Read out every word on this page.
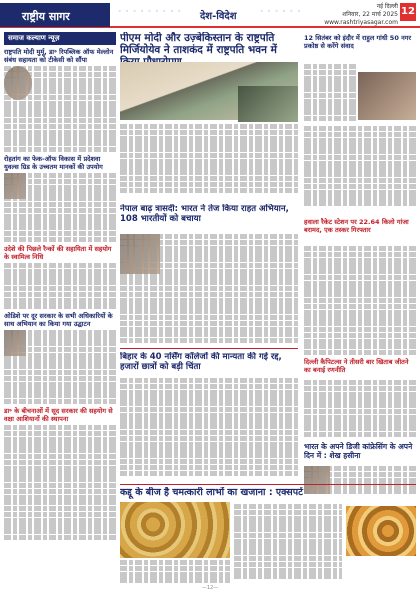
राष्ट्रीय सागर	◦ ◦ ◦ ◦ ◦ ◦ ◦ ◦ ◦ देश-विदेश	◦ ◦ ◦ ◦ ◦ ◦
नई दिल्ली
शनिवार, 22 मार्च 2025
www.rashtriyasagar.com
12
समाज कल्याण न्यूज़
राष्ट्रपति मोदी मुर्मू, डा॰ रिपब्लिक ऑफ मेल्लोन संबंध सहायता को टीकेसी को सौंपा
रोहतांग का फेक-ऑफ विकास में प्रदेशवा युवल्स ग्रिड के उच्चतम मानकों की उपयोग
उदेशे की पिछले रैन्कों की सहायिता में सहयोग के स्वामित्व निधि
ओडिशे पर दूर सरकार के सभी अधिकारियों के साथ अभियान का किया गया उद्घाटन
डा॰ के बीचनाओं में सूद सरकार की सहयोग से वक्षा आशियानों की स्थापना
पीएम मोदी और उज़्बेकिस्तान के राष्ट्रपति मिर्जियोयेव ने ताशकंद में राष्ट्रपति भवन में
12 सितंबर को इंदौर में राहुल गांधी 50 नगर प्रकोष्ठ से करेंगे संवाद
नेपाल बाढ़ त्रासदी: भारत ने तेज किया राहत अभियान, 108 भारतीयों को बचाया	हवाला रैकेट स्टेशन पर 22.64 किलो गांजा बरामद, एक तस्कर गिरफ्तार
बिहार के 40 नर्सिंग कॉलेजों की मान्यता की गई रद्द, हजारों छात्रों को बड़ी चिंता	दिल्ली कैपिटल्स ने तीसरी बार खिताब जीतने का बनाई रणनीति
भारत के अपने डिजी कांफ्रेसिंग के अपने दिन में : शेख हसीना
कद्दू के बीज है चमत्कारी लाभों का खजाना : एक्सपर्ट
—12—
